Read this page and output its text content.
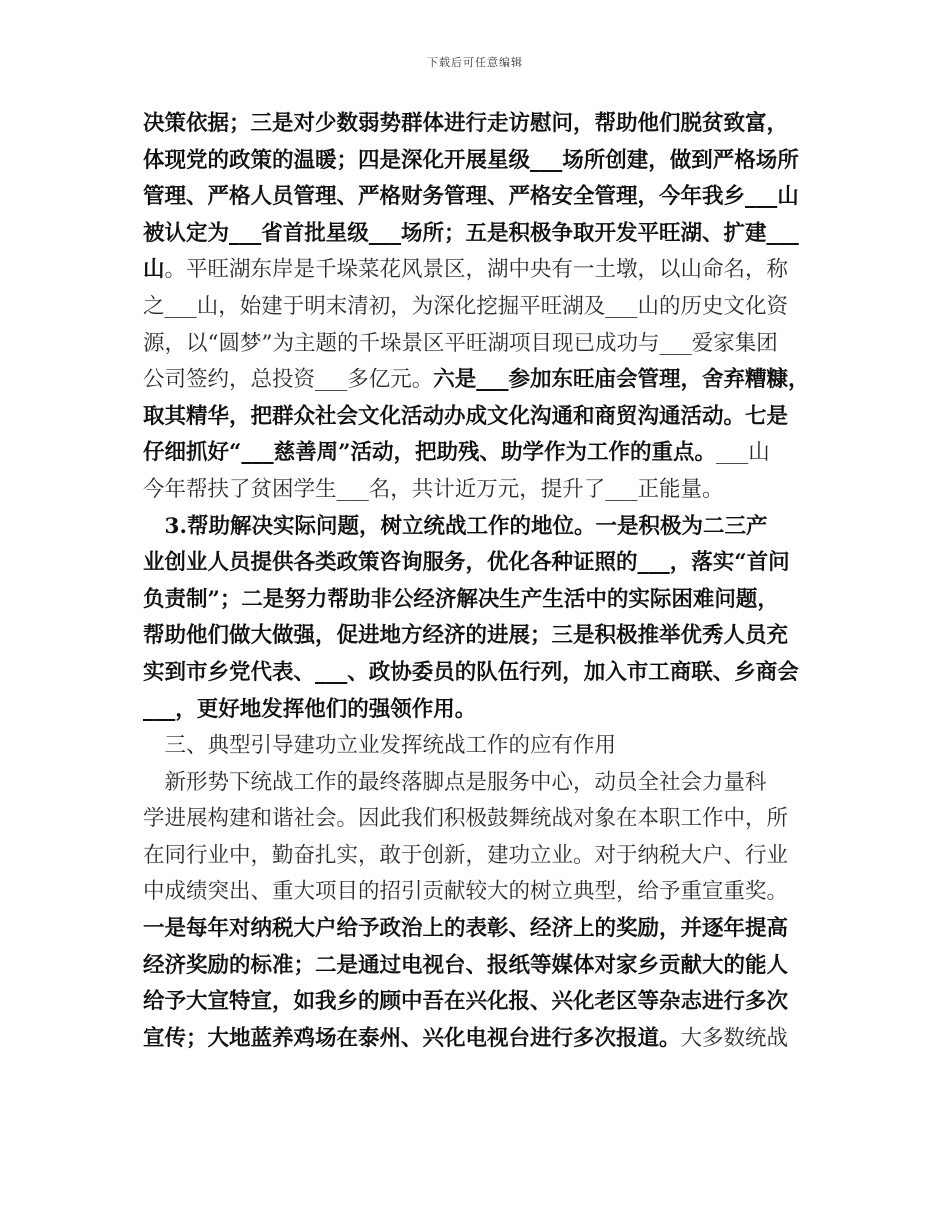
下载后可任意编辑
决策依据；三是对少数弱势群体进行走访慰问，帮助他们脱贫致富，
体现党的政策的温暖；四是深化开展星级___场所创建，做到严格场所
管理、严格人员管理、严格财务管理、严格安全管理，今年我乡___山
被认定为___省首批星级___场所；五是积极争取开发平旺湖、扩建___
山。平旺湖东岸是千垛菜花风景区，湖中央有一土墩，以山命名，称
之___山，始建于明末清初，为深化挖掘平旺湖及___山的历史文化资
源，以“圆梦”为主题的千垛景区平旺湖项目现已成功与___爱家集团
公司签约，总投资___多亿元。六是___参加东旺庙会管理，舍弃糟糠，
取其精华，把群众社会文化活动办成文化沟通和商贸沟通活动。七是
仔细抓好“___慈善周”活动，把助残、助学作为工作的重点。___山
今年帮扶了贫困学生___名，共计近万元，提升了___正能量。
　3.帮助解决实际问题，树立统战工作的地位。一是积极为二三产
业创业人员提供各类政策咨询服务，优化各种证照的___，落实“首问
负责制”；二是努力帮助非公经济解决生产生活中的实际困难问题，
帮助他们做大做强，促进地方经济的进展；三是积极推举优秀人员充
实到市乡党代表、___、政协委员的队伍行列，加入市工商联、乡商会
___，更好地发挥他们的强领作用。
　三、典型引导建功立业发挥统战工作的应有作用
　新形势下统战工作的最终落脚点是服务中心，动员全社会力量科
学进展构建和谐社会。因此我们积极鼓舞统战对象在本职工作中，所
在同行业中，勤奋扎实，敢于创新，建功立业。对于纳税大户、行业
中成绩突出、重大项目的招引贡献较大的树立典型，给予重宣重奖。
一是每年对纳税大户给予政治上的表彰、经济上的奖励，并逐年提高
经济奖励的标准；二是通过电视台、报纸等媒体对家乡贡献大的能人
给予大宣特宣，如我乡的顾中吾在兴化报、兴化老区等杂志进行多次
宣传；大地蓝养鸡场在泰州、兴化电视台进行多次报道。大多数统战
